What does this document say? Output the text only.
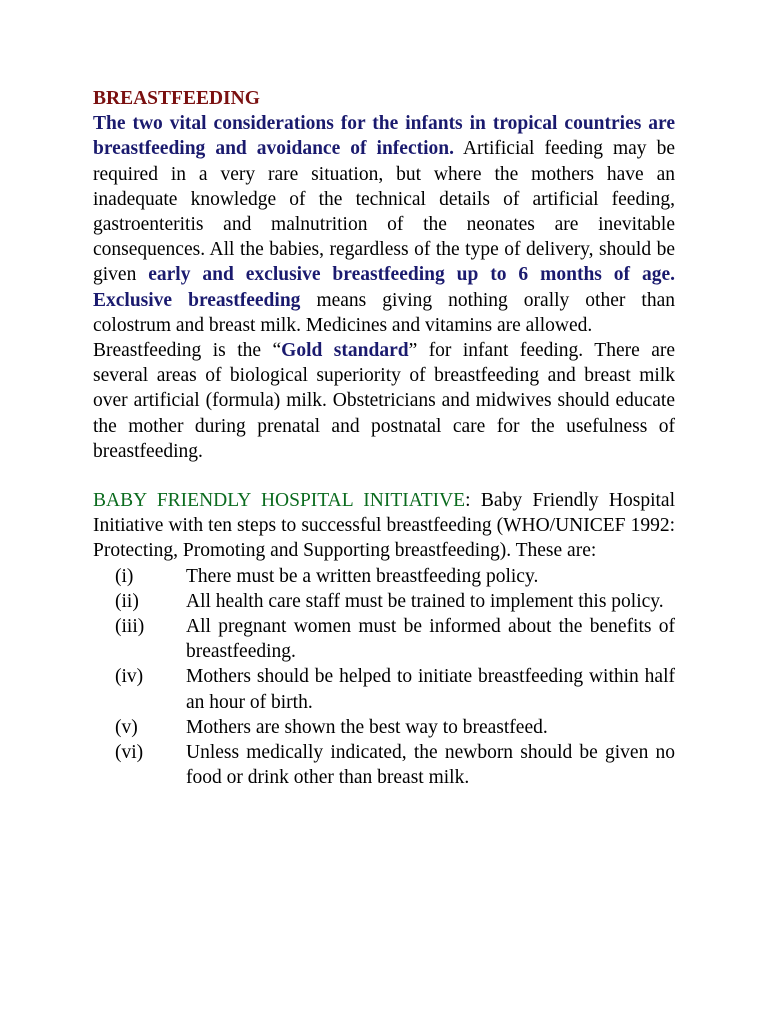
BREASTFEEDING

The two vital considerations for the infants in tropical countries are breastfeeding and avoidance of infection. Artificial feeding may be required in a very rare situation, but where the mothers have an inadequate knowledge of the technical details of artificial feeding, gastroenteritis and malnutrition of the neonates are inevitable consequences. All the babies, regardless of the type of delivery, should be given early and exclusive breastfeeding up to 6 months of age. Exclusive breastfeeding means giving nothing orally other than colostrum and breast milk. Medicines and vitamins are allowed.

Breastfeeding is the “Gold standard” for infant feeding. There are several areas of biological superiority of breastfeeding and breast milk over artificial (formula) milk. Obstetricians and midwives should educate the mother during prenatal and postnatal care for the usefulness of breastfeeding.

BABY FRIENDLY HOSPITAL INITIATIVE: Baby Friendly Hospital Initiative with ten steps to successful breastfeeding (WHO/UNICEF 1992: Protecting, Promoting and Supporting breastfeeding). These are:

(i)	There must be a written breastfeeding policy.
(ii)	All health care staff must be trained to implement this policy.
(iii)	All pregnant women must be informed about the benefits of breastfeeding.
(iv)	Mothers should be helped to initiate breastfeeding within half an hour of birth.
(v)	Mothers are shown the best way to breastfeed.
(vi)	Unless medically indicated, the newborn should be given no food or drink other than breast milk.
